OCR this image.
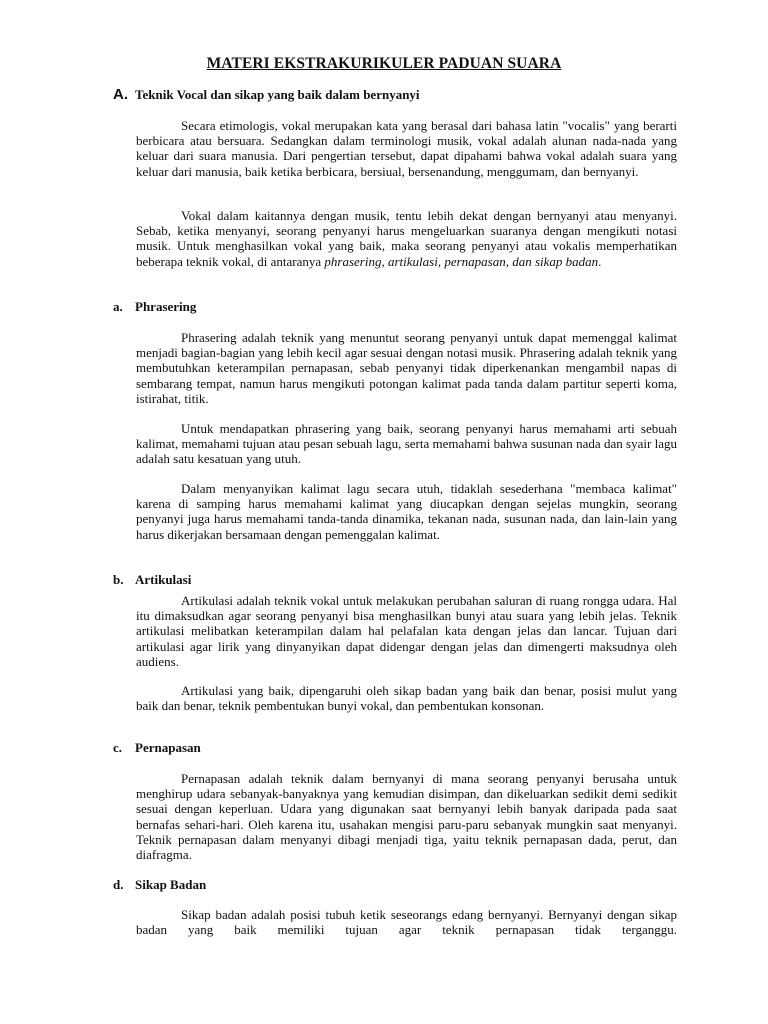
MATERI EKSTRAKURIKULER PADUAN SUARA
A. Teknik Vocal dan sikap yang baik dalam bernyanyi

Secara etimologis, vokal merupakan kata yang berasal dari bahasa latin "vocalis" yang berarti berbicara atau bersuara. Sedangkan dalam terminologi musik, vokal adalah alunan nada-nada yang keluar dari suara manusia. Dari pengertian tersebut, dapat dipahami bahwa vokal adalah suara yang keluar dari manusia, baik ketika berbicara, bersiual, bersenandung, menggumam, dan bernyanyi.

Vokal dalam kaitannya dengan musik, tentu lebih dekat dengan bernyanyi atau menyanyi. Sebab, ketika menyanyi, seorang penyanyi harus mengeluarkan suaranya dengan mengikuti notasi musik. Untuk menghasilkan vokal yang baik, maka seorang penyanyi atau vokalis memperhatikan beberapa teknik vokal, di antaranya phrasering, artikulasi, pernapasan, dan sikap badan.

a. Phrasering

Phrasering adalah teknik yang menuntut seorang penyanyi untuk dapat memenggal kalimat menjadi bagian-bagian yang lebih kecil agar sesuai dengan notasi musik. Phrasering adalah teknik yang membutuhkan keterampilan pernapasan, sebab penyanyi tidak diperkenankan mengambil napas di sembarang tempat, namun harus mengikuti potongan kalimat pada tanda dalam partitur seperti koma, istirahat, titik.

Untuk mendapatkan phrasering yang baik, seorang penyanyi harus memahami arti sebuah kalimat, memahami tujuan atau pesan sebuah lagu, serta memahami bahwa susunan nada dan syair lagu adalah satu kesatuan yang utuh.

Dalam menyanyikan kalimat lagu secara utuh, tidaklah sesederhana "membaca kalimat" karena di samping harus memahami kalimat yang diucapkan dengan sejelas mungkin, seorang penyanyi juga harus memahami tanda-tanda dinamika, tekanan nada, susunan nada, dan lain-lain yang harus dikerjakan bersamaan dengan pemenggalan kalimat.

b. Artikulasi

Artikulasi adalah teknik vokal untuk melakukan perubahan saluran di ruang rongga udara. Hal itu dimaksudkan agar seorang penyanyi bisa menghasilkan bunyi atau suara yang lebih jelas. Teknik artikulasi melibatkan keterampilan dalam hal pelafalan kata dengan jelas dan lancar. Tujuan dari artikulasi agar lirik yang dinyanyikan dapat didengar dengan jelas dan dimengerti maksudnya oleh audiens.

Artikulasi yang baik, dipengaruhi oleh sikap badan yang baik dan benar, posisi mulut yang baik dan benar, teknik pembentukan bunyi vokal, dan pembentukan konsonan.

c. Pernapasan

Pernapasan adalah teknik dalam bernyanyi di mana seorang penyanyi berusaha untuk menghirup udara sebanyak-banyaknya yang kemudian disimpan, dan dikeluarkan sedikit demi sedikit sesuai dengan keperluan. Udara yang digunakan saat bernyanyi lebih banyak daripada pada saat bernafas sehari-hari. Oleh karena itu, usahakan mengisi paru-paru sebanyak mungkin saat menyanyi. Teknik pernapasan dalam menyanyi dibagi menjadi tiga, yaitu teknik pernapasan dada, perut, dan diafragma.

d. Sikap Badan

Sikap badan adalah posisi tubuh ketik seseorangs edang bernyanyi. Bernyanyi dengan sikap badan yang baik memiliki tujuan agar teknik pernapasan tidak terganggu.
